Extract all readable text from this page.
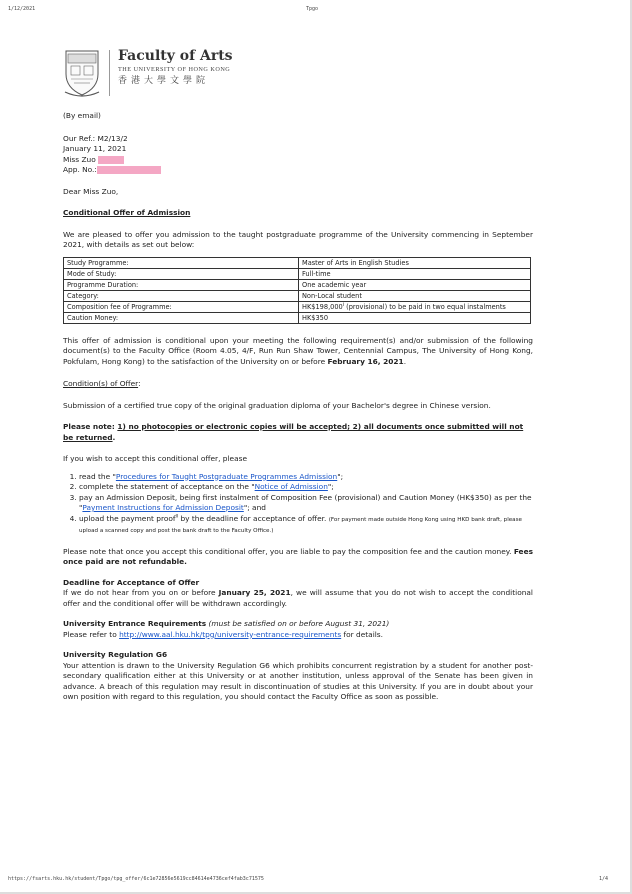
1/12/2021	Tpgo
Faculty of Arts
THE UNIVERSITY OF HONG KONG
香港大學文學院

(By email)

Our Ref.: M2/13/2

January 11, 2021

Miss Zuo

App. No.:

Dear Miss Zuo,

Conditional Offer of Admission

We are pleased to offer you admission to the taught postgraduate programme of the University commencing in September 2021, with details as set out below:

Study Programme:	Master of Arts in English Studies
Mode of Study:	Full-time
Programme Duration:	One academic year
Category:	Non-Local student
Composition fee of Programme:	$HK\$198,000^I$ (provisional) to be paid in two equal instalments
Caution Money:	HK$350

This offer of admission is conditional upon your meeting the following requirement(s) and/or submission of the following document(s) to the Faculty Office (Room 4.05, 4/F, Run Run Shaw Tower, Centennial Campus, The University of Hong Kong, Pokfulam, Hong Kong) to the satisfaction of the University on or before February 16, 2021.

Condition(s) of Offer:

Submission of a certified true copy of the original graduation diploma of your Bachelor's degree in Chinese version.

Please note: 1) no photocopies or electronic copies will be accepted; 2) all documents once submitted will not be returned.

If you wish to accept this conditional offer, please

1. read the "Procedures for Taught Postgraduate Programmes Admission";
2. complete the statement of acceptance on the "Notice of Admission";
3. pay an Admission Deposit, being first instalment of Composition Fee (provisional) and Caution Money (HK$350) as per the "Payment Instructions for Admission Deposit"; and
4. upload the payment proof$^{II}$ by the deadline for acceptance of offer. (For payment made outside Hong Kong using HKD bank draft, please upload a scanned copy and post the bank draft to the Faculty Office.)

Please note that once you accept this conditional offer, you are liable to pay the composition fee and the caution money. Fees once paid are not refundable.

Deadline for Acceptance of Offer

If we do not hear from you on or before January 25, 2021, we will assume that you do not wish to accept the conditional offer and the conditional offer will be withdrawn accordingly.

University Entrance Requirements (must be satisfied on or before August 31, 2021)

Please refer to http://www.aal.hku.hk/tpg/university-entrance-requirements for details.

University Regulation G6

Your attention is drawn to the University Regulation G6 which prohibits concurrent registration by a student for another post-secondary qualification either at this University or at another institution, unless approval of the Senate has been given in advance. A breach of this regulation may result in discontinuation of studies at this University. If you are in doubt about your own position with regard to this regulation, you should contact the Faculty Office as soon as possible.

https://fsarts.hku.hk/student/Tpgo/tpg_offer/6c1e72856e5619cc84614e4736cef4fab3c71575	1/4
